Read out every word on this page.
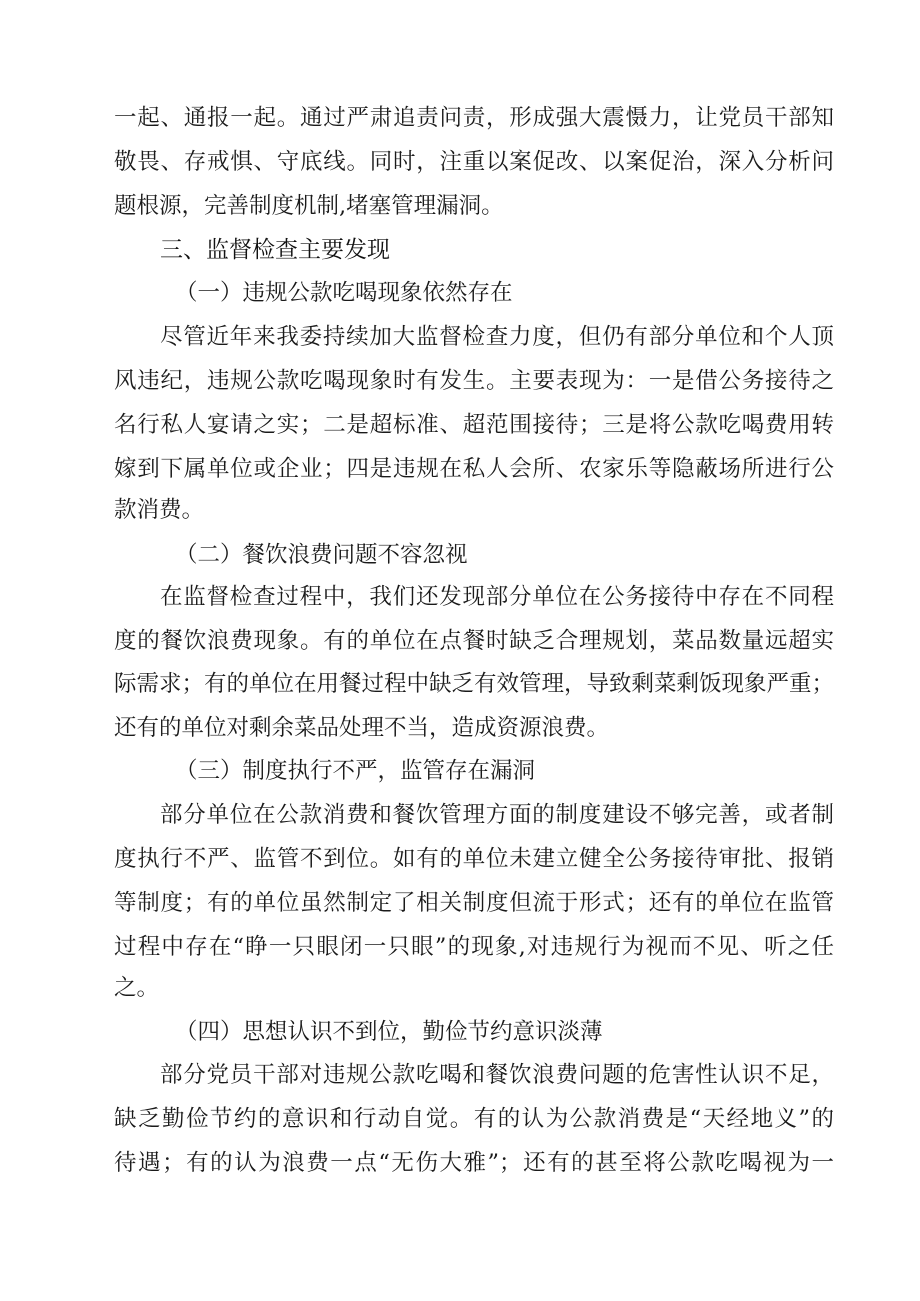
一起、通报一起。通过严肃追责问责，形成强大震慑力，让党员干部知
敬畏、存戒惧、守底线。同时，注重以案促改、以案促治，深入分析问
题根源，完善制度机制,堵塞管理漏洞。
三、监督检查主要发现
（一）违规公款吃喝现象依然存在
尽管近年来我委持续加大监督检查力度，但仍有部分单位和个人顶
风违纪，违规公款吃喝现象时有发生。主要表现为：一是借公务接待之
名行私人宴请之实；二是超标准、超范围接待；三是将公款吃喝费用转
嫁到下属单位或企业；四是违规在私人会所、农家乐等隐蔽场所进行公
款消费。
（二）餐饮浪费问题不容忽视
在监督检查过程中，我们还发现部分单位在公务接待中存在不同程
度的餐饮浪费现象。有的单位在点餐时缺乏合理规划，菜品数量远超实
际需求；有的单位在用餐过程中缺乏有效管理，导致剩菜剩饭现象严重；
还有的单位对剩余菜品处理不当，造成资源浪费。
（三）制度执行不严，监管存在漏洞
部分单位在公款消费和餐饮管理方面的制度建设不够完善，或者制
度执行不严、监管不到位。如有的单位未建立健全公务接待审批、报销
等制度；有的单位虽然制定了相关制度但流于形式；还有的单位在监管
过程中存在“睁一只眼闭一只眼”的现象,对违规行为视而不见、听之任
之。
（四）思想认识不到位，勤俭节约意识淡薄
部分党员干部对违规公款吃喝和餐饮浪费问题的危害性认识不足，
缺乏勤俭节约的意识和行动自觉。有的认为公款消费是“天经地义”的
待遇；有的认为浪费一点“无伤大雅”；还有的甚至将公款吃喝视为一
